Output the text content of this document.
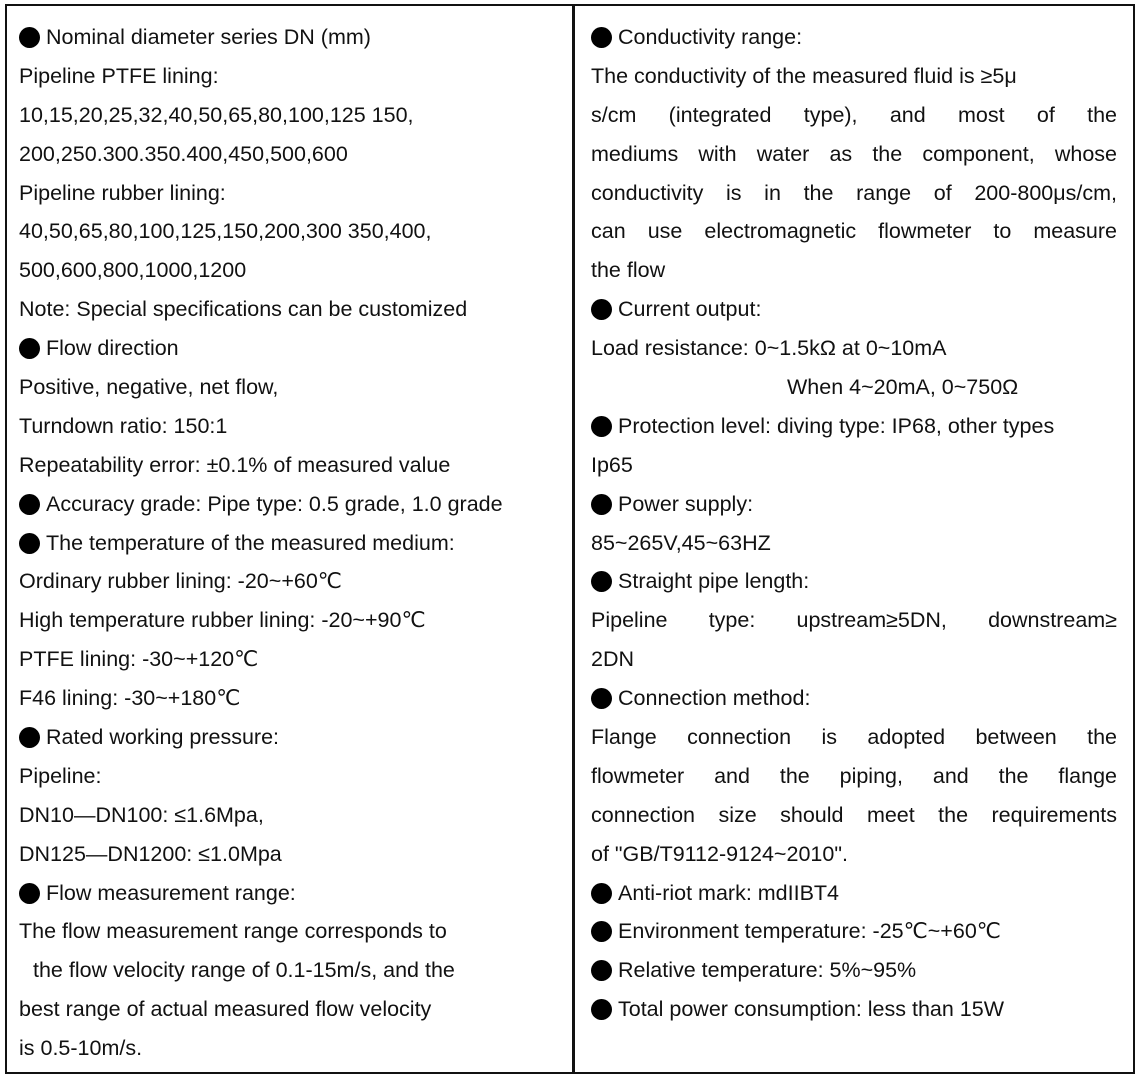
Nominal diameter series DN (mm)
Pipeline PTFE lining:
10,15,20,25,32,40,50,65,80,100,125 150,
200,250.300.350.400,450,500,600
Pipeline rubber lining:
40,50,65,80,100,125,150,200,300 350,400,
500,600,800,1000,1200
Note: Special specifications can be customized
Flow direction
Positive, negative, net flow,
Turndown ratio: 150:1
Repeatability error: ±0.1% of measured value
Accuracy grade: Pipe type: 0.5 grade, 1.0 grade
The temperature of the measured medium:
Ordinary rubber lining: -20~+60℃
High temperature rubber lining: -20~+90℃
PTFE lining: -30~+120℃
F46 lining: -30~+180℃
Rated working pressure:
Pipeline:
DN10—DN100: ≤1.6Mpa,
DN125—DN1200: ≤1.0Mpa
Flow measurement range:
The flow measurement range corresponds to
the flow velocity range of 0.1-15m/s, and the
best range of actual measured flow velocity
is 0.5-10m/s.
Conductivity range:
The conductivity of the measured fluid is ≥5μ
s/cm (integrated type), and most of the
mediums with water as the component, whose
conductivity is in the range of 200-800μs/cm,
can use electromagnetic flowmeter to measure
the flow
Current output:
Load resistance: 0~1.5kΩ at 0~10mA
When 4~20mA, 0~750Ω
Protection level: diving type: IP68, other types
Ip65
Power supply:
85~265V,45~63HZ
Straight pipe length:
Pipeline type: upstream≥5DN, downstream≥
2DN
Connection method:
Flange connection is adopted between the
flowmeter and the piping, and the flange
connection size should meet the requirements
of "GB/T9112-9124~2010".
Anti-riot mark: mdIIBT4
Environment temperature: -25℃~+60℃
Relative temperature: 5%~95%
Total power consumption: less than 15W
